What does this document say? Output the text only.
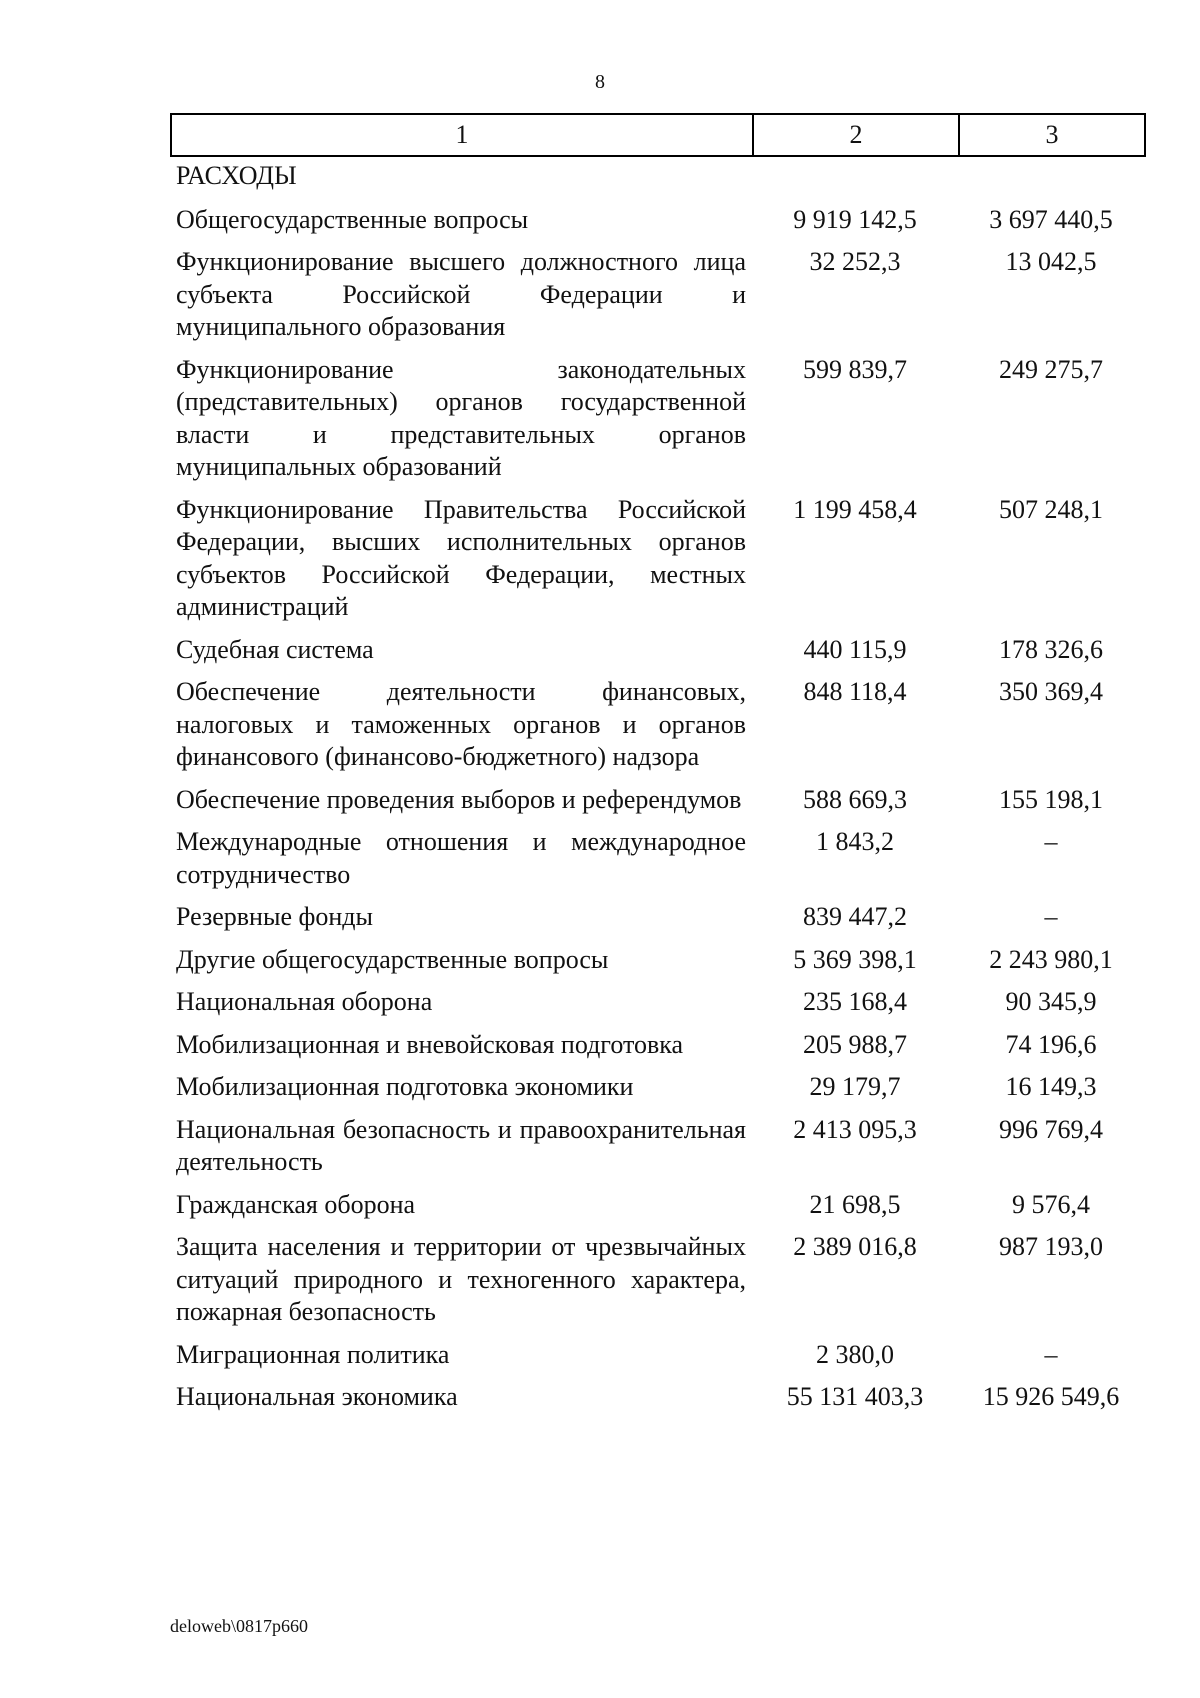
8
1	2	3
РАСХОДЫ		
Общегосударственные вопросы	9 919 142,5	3 697 440,5
Функционирование высшего должностного лица субъекта Российской Федерации и муниципального образования	32 252,3	13 042,5
Функционирование законодательных (представительных) органов государственной власти и представительных органов муниципальных образований	599 839,7	249 275,7
Функционирование Правительства Российской Федерации, высших исполнительных органов субъектов Российской Федерации, местных администраций	1 199 458,4	507 248,1
Судебная система	440 115,9	178 326,6
Обеспечение деятельности финансовых, налоговых и таможенных органов и органов финансового (финансово-бюджетного) надзора	848 118,4	350 369,4
Обеспечение проведения выборов и референдумов	588 669,3	155 198,1
Международные отношения и международное сотрудничество	1 843,2	–
Резервные фонды	839 447,2	–
Другие общегосударственные вопросы	5 369 398,1	2 243 980,1
Национальная оборона	235 168,4	90 345,9
Мобилизационная и вневойсковая подготовка	205 988,7	74 196,6
Мобилизационная подготовка экономики	29 179,7	16 149,3
Национальная безопасность и правоохранительная деятельность	2 413 095,3	996 769,4
Гражданская оборона	21 698,5	9 576,4
Защита населения и территории от чрезвычайных ситуаций природного и техногенного характера, пожарная безопасность	2 389 016,8	987 193,0
Миграционная политика	2 380,0	–
Национальная экономика	55 131 403,3	15 926 549,6
deloweb\0817p660
